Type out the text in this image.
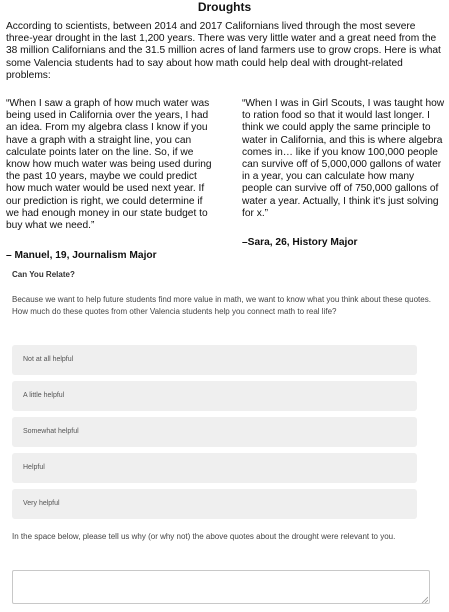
Droughts
According to scientists, between 2014 and 2017 Californians lived through the most severe three-year drought in the last 1,200 years. There was very little water and a great need from the 38 million Californians and the 31.5 million acres of land farmers use to grow crops. Here is what some Valencia students had to say about how math could help deal with drought-related problems:
“When I saw a graph of how much water was being used in California over the years, I had an idea. From my algebra class I know if you have a graph with a straight line, you can calculate points later on the line. So, if we know how much water was being used during the past 10 years, maybe we could predict how much water would be used next year. If our prediction is right, we could determine if we had enough money in our state budget to buy what we need.”
– Manuel, 19, Journalism Major
“When I was in Girl Scouts, I was taught how to ration food so that it would last longer. I think we could apply the same principle to water in California, and this is where algebra comes in… like if you know 100,000 people can survive off of 5,000,000 gallons of water in a year, you can calculate how many people can survive off of 750,000 gallons of water a year. Actually, I think it's just solving for x.”
–Sara, 26, History Major
Can You Relate?
Because we want to help future students find more value in math, we want to know what you think about these quotes. How much do these quotes from other Valencia students help you connect math to real life?
Not at all helpful
A little helpful
Somewhat helpful
Helpful
Very helpful
In the space below, please tell us why (or why not) the above quotes about the drought were relevant to you.
